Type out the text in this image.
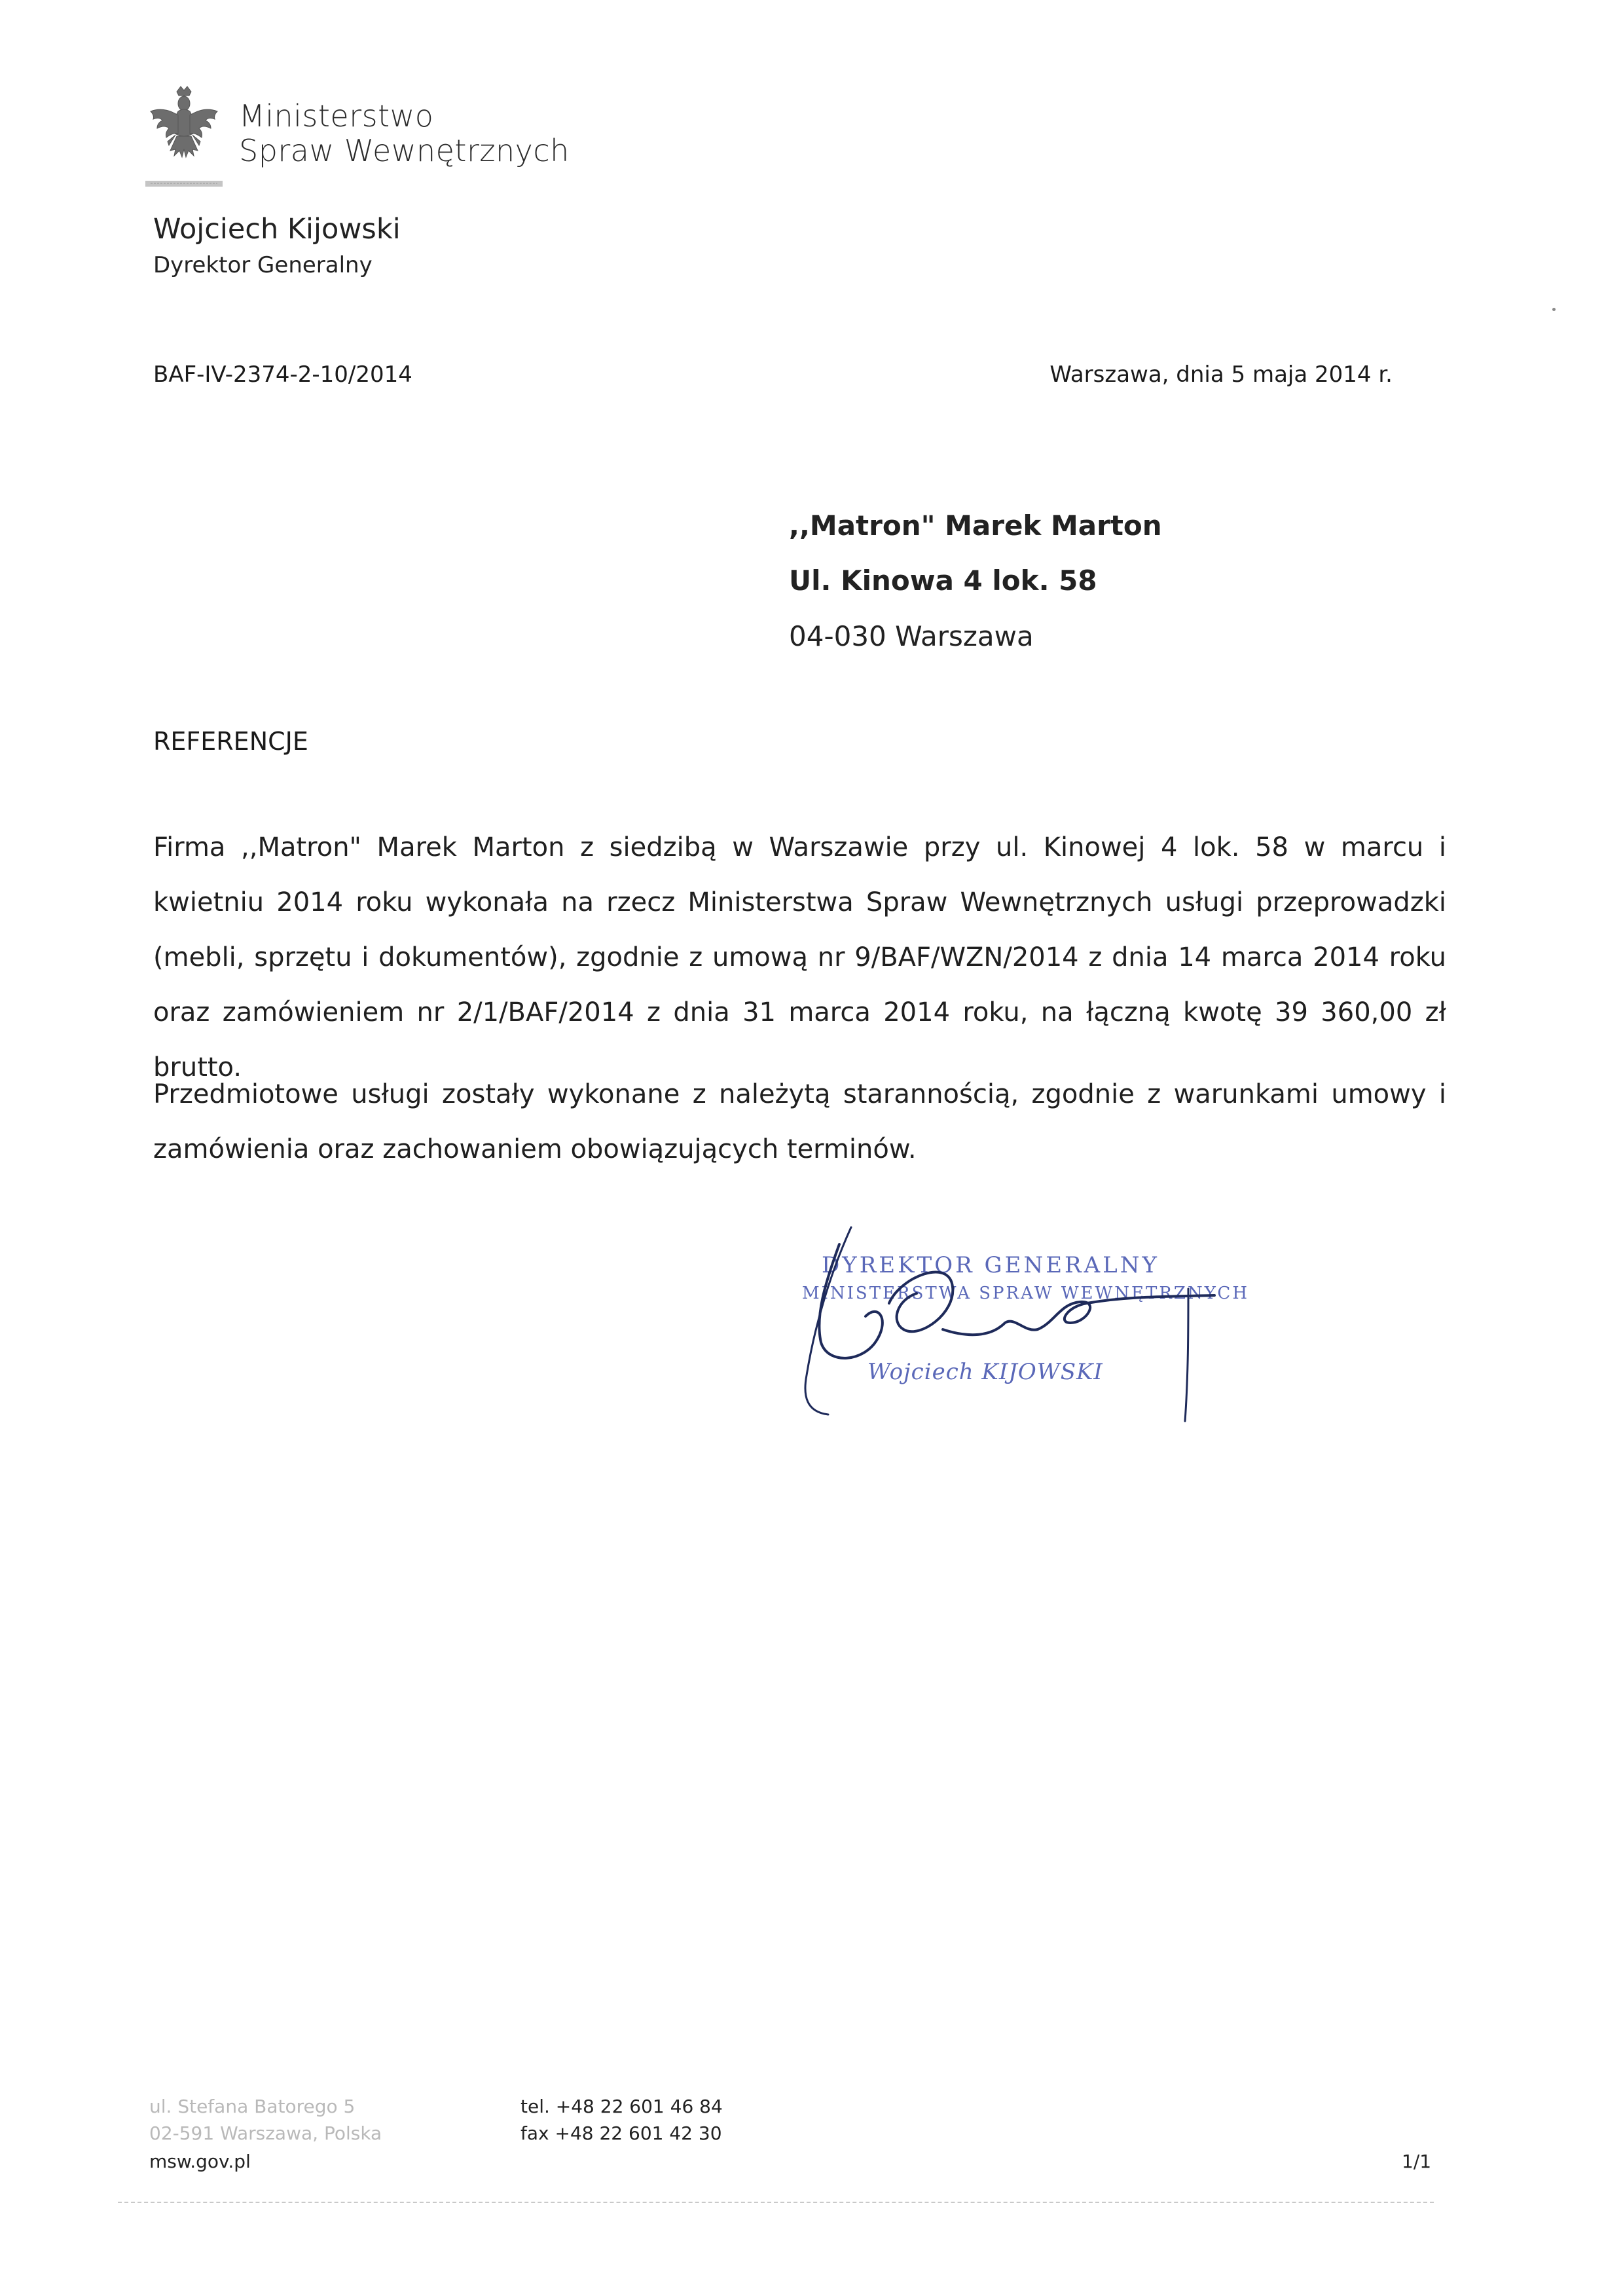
Ministerstwo
Spraw Wewnętrznych
Wojciech Kijowski
Dyrektor Generalny
BAF-IV-2374-2-10/2014	Warszawa, dnia 5 maja 2014 r.
,,Matron" Marek Marton
Ul. Kinowa 4 lok. 58
04-030 Warszawa
REFERENCJE
Firma ,,Matron" Marek Marton z siedzibą w Warszawie przy ul. Kinowej 4 lok. 58 w marcu i kwietniu 2014 roku wykonała na rzecz Ministerstwa Spraw Wewnętrznych usługi przeprowadzki (mebli, sprzętu i dokumentów), zgodnie z umową nr 9/BAF/WZN/2014 z dnia 14 marca 2014 roku oraz zamówieniem nr 2/1/BAF/2014 z dnia 31 marca 2014 roku, na łączną kwotę 39 360,00 zł brutto.
Przedmiotowe usługi zostały wykonane z należytą starannością, zgodnie z warunkami umowy i zamówienia oraz zachowaniem obowiązujących terminów.
DYREKTOR GENERALNY
MINISTERSTWA SPRAW WEWNĘTRZNYCH
Wojciech KIJOWSKI
ul. Stefana Batorego 5
02-591 Warszawa, Polska
msw.gov.pl
tel. +48 22 601 46 84
fax +48 22 601 42 30
1/1
